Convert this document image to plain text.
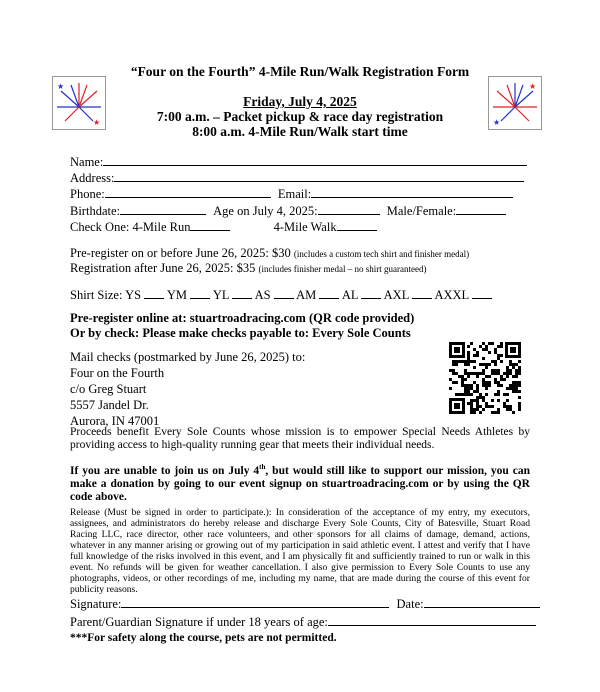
★
★
★
★
“Four on the Fourth” 4-Mile Run/Walk Registration Form
Friday, July 4, 2025
7:00 a.m. – Packet pickup & race day registration
8:00 a.m. 4-Mile Run/Walk start time
Name:
Address:
Phone:	Email:
Birthdate:	Age on July 4, 2025:	Male/Female:
Check One: 4-Mile Run	4-Mile Walk
Pre-register on or before June 26, 2025: $30 (includes a custom tech shirt and finisher medal)
Registration after June 26, 2025: $35 (includes finisher medal – no shirt guaranteed)
Shirt Size: YS YM YL AS AM AL AXL AXXL
Pre-register online at: stuartroadracing.com (QR code provided)
Or by check: Please make checks payable to: Every Sole Counts
Mail checks (postmarked by June 26, 2025) to:
Four on the Fourth
c/o Greg Stuart
5557 Jandel Dr.
Aurora, IN 47001
Proceeds benefit Every Sole Counts whose mission is to empower Special Needs Athletes by providing access to high-quality running gear that meets their individual needs.
If you are unable to join us on July 4th, but would still like to support our mission, you can make a donation by going to our event signup on stuartroadracing.com or by using the QR code above.
Release (Must be signed in order to participate.): In consideration of the acceptance of my entry, my executors, assignees, and administrators do hereby release and discharge Every Sole Counts, City of Batesville, Stuart Road Racing LLC, race director, other race volunteers, and other sponsors for all claims of damage, demand, actions, whatever in any manner arising or growing out of my participation in said athletic event. I attest and verify that I have full knowledge of the risks involved in this event, and I am physically fit and sufficiently trained to run or walk in this event. No refunds will be given for weather cancellation. I also give permission to Every Sole Counts to use any photographs, videos, or other recordings of me, including my name, that are made during the course of this event for publicity reasons.
Signature:	Date:
Parent/Guardian Signature if under 18 years of age:
***For safety along the course, pets are not permitted.
